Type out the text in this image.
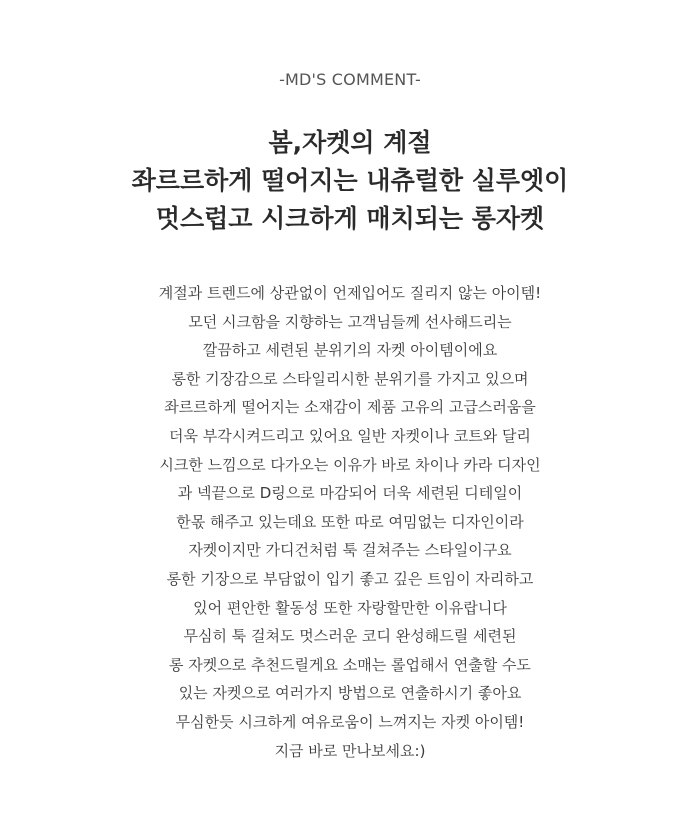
-MD'S COMMENT-
봄,자켓의 계절
좌르르하게 떨어지는 내츄럴한 실루엣이
멋스럽고 시크하게 매치되는 롱자켓

계절과 트렌드에 상관없이 언제입어도 질리지 않는 아이템!
모던 시크함을 지향하는 고객님들께 선사해드리는
깔끔하고 세련된 분위기의 자켓 아이템이에요
롱한 기장감으로 스타일리시한 분위기를 가지고 있으며
좌르르하게 떨어지는 소재감이 제품 고유의 고급스러움을
더욱 부각시켜드리고 있어요 일반 자켓이나 코트와 달리
시크한 느낌으로 다가오는 이유가 바로 차이나 카라 디자인
과 넥끝으로 D링으로 마감되어 더욱 세련된 디테일이
한몫 해주고 있는데요 또한 따로 여밈없는 디자인이라
자켓이지만 가디건처럼 툭 걸쳐주는 스타일이구요
롱한 기장으로 부담없이 입기 좋고 깊은 트임이 자리하고
있어 편안한 활동성 또한 자랑할만한 이유랍니다
무심히 툭 걸쳐도 멋스러운 코디 완성해드릴 세련된
롱 자켓으로 추천드릴게요 소매는 롤업해서 연출할 수도
있는 자켓으로 여러가지 방법으로 연출하시기 좋아요
무심한듯 시크하게 여유로움이 느껴지는 자켓 아이템!
지금 바로 만나보세요:)
